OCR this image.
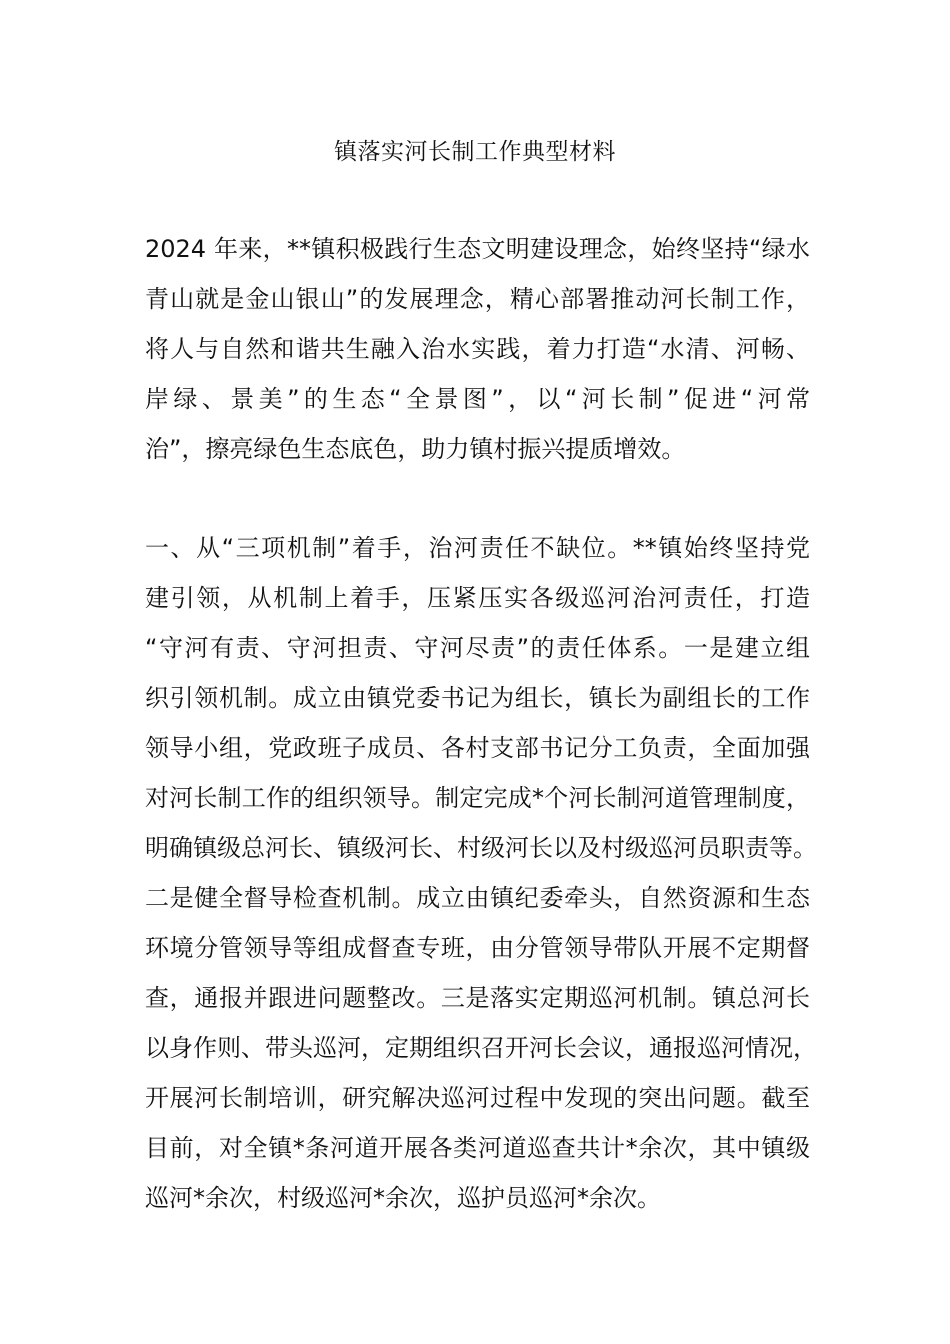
镇落实河长制工作典型材料
2024 年来，**镇积极践行生态文明建设理念，始终坚持“绿水
青山就是金山银山”的发展理念，精心部署推动河长制工作，
将人与自然和谐共生融入治水实践，着力打造“水清、河畅、
岸绿、景美”的生态“全景图”，以“河长制”促进“河常
治”，擦亮绿色生态底色，助力镇村振兴提质增效。
一、从“三项机制”着手，治河责任不缺位。**镇始终坚持党
建引领，从机制上着手，压紧压实各级巡河治河责任，打造
“守河有责、守河担责、守河尽责”的责任体系。一是建立组
织引领机制。成立由镇党委书记为组长，镇长为副组长的工作
领导小组，党政班子成员、各村支部书记分工负责，全面加强
对河长制工作的组织领导。制定完成*个河长制河道管理制度，
明确镇级总河长、镇级河长、村级河长以及村级巡河员职责等。
二是健全督导检查机制。成立由镇纪委牵头，自然资源和生态
环境分管领导等组成督查专班，由分管领导带队开展不定期督
查，通报并跟进问题整改。三是落实定期巡河机制。镇总河长
以身作则、带头巡河，定期组织召开河长会议，通报巡河情况，
开展河长制培训，研究解决巡河过程中发现的突出问题。截至
目前，对全镇*条河道开展各类河道巡查共计*余次，其中镇级
巡河*余次，村级巡河*余次，巡护员巡河*余次。
